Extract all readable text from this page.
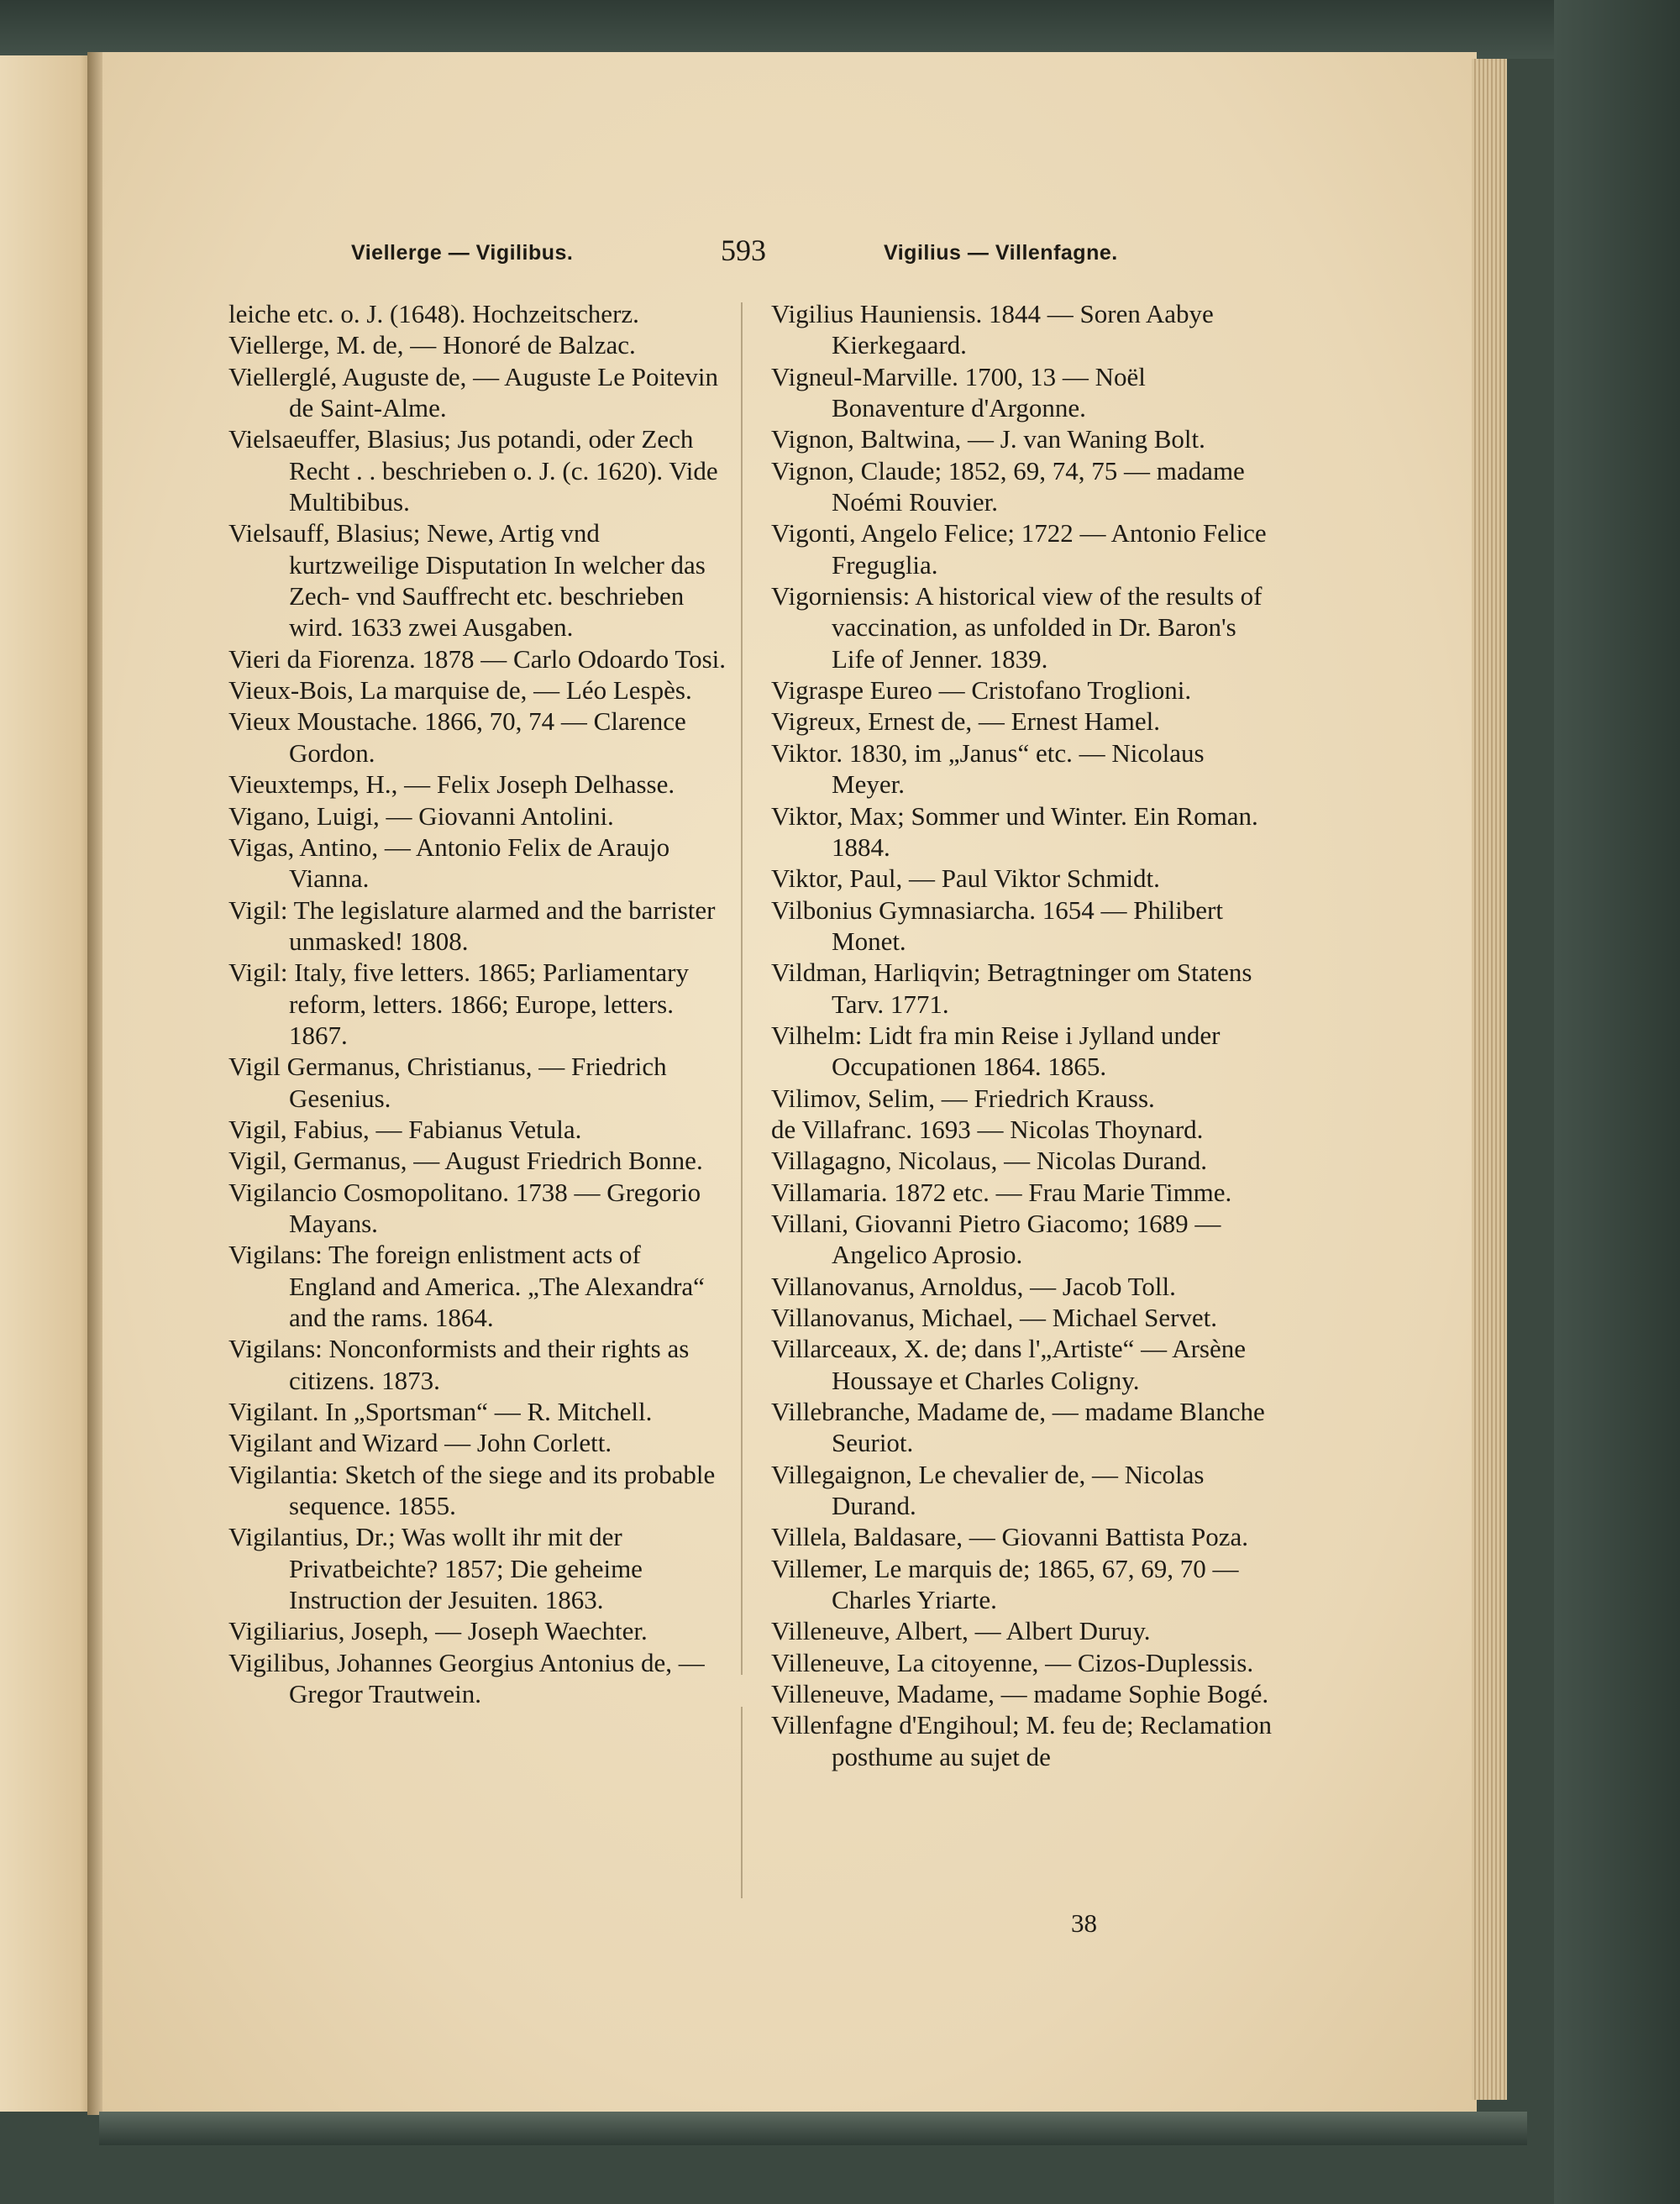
Viellerge — Vigilibus.	593	Vigilius — Villenfagne.

leiche etc. o. J. (1648). Hochzeitscherz.

Viellerge, M. de, — Honoré de Balzac.

Viellerglé, Auguste de, — Auguste Le Poitevin de Saint-Alme.

Vielsaeuffer, Blasius; Jus potandi, oder Zech Recht . . beschrieben o. J. (c. 1620). Vide Multibibus.

Vielsauff, Blasius; Newe, Artig vnd kurtzweilige Disputation In welcher das Zech- vnd Sauffrecht etc. beschrieben wird. 1633 zwei Ausgaben.

Vieri da Fiorenza. 1878 — Carlo Odoardo Tosi.

Vieux-Bois, La marquise de, — Léo Lespès.

Vieux Moustache. 1866, 70, 74 — Clarence Gordon.

Vieuxtemps, H., — Felix Joseph Delhasse.

Vigano, Luigi, — Giovanni Antolini.

Vigas, Antino, — Antonio Felix de Araujo Vianna.

Vigil: The legislature alarmed and the barrister unmasked! 1808.

Vigil: Italy, five letters. 1865; Parliamentary reform, letters. 1866; Europe, letters. 1867.

Vigil Germanus, Christianus, — Friedrich Gesenius.

Vigil, Fabius, — Fabianus Vetula.

Vigil, Germanus, — August Friedrich Bonne.

Vigilancio Cosmopolitano. 1738 — Gregorio Mayans.

Vigilans: The foreign enlistment acts of England and America. „The Alexandra“ and the rams. 1864.

Vigilans: Nonconformists and their rights as citizens. 1873.

Vigilant. In „Sportsman“ — R. Mitchell.

Vigilant and Wizard — John Corlett.

Vigilantia: Sketch of the siege and its probable sequence. 1855.

Vigilantius, Dr.; Was wollt ihr mit der Privatbeichte? 1857; Die geheime Instruction der Jesuiten. 1863.

Vigiliarius, Joseph, — Joseph Waechter.

Vigilibus, Johannes Georgius Antonius de, — Gregor Trautwein.

Vigilius Hauniensis. 1844 — Soren Aabye Kierkegaard.

Vigneul-Marville. 1700, 13 — Noël Bonaventure d'Argonne.

Vignon, Baltwina, — J. van Waning Bolt.

Vignon, Claude; 1852, 69, 74, 75 — madame Noémi Rouvier.

Vigonti, Angelo Felice; 1722 — Antonio Felice Freguglia.

Vigorniensis: A historical view of the results of vaccination, as unfolded in Dr. Baron's Life of Jenner. 1839.

Vigraspe Eureo — Cristofano Troglioni.

Vigreux, Ernest de, — Ernest Hamel.

Viktor. 1830, im „Janus“ etc. — Nicolaus Meyer.

Viktor, Max; Sommer und Winter. Ein Roman. 1884.

Viktor, Paul, — Paul Viktor Schmidt.

Vilbonius Gymnasiarcha. 1654 — Philibert Monet.

Vildman, Harliqvin; Betragtninger om Statens Tarv. 1771.

Vilhelm: Lidt fra min Reise i Jylland under Occupationen 1864. 1865.

Vilimov, Selim, — Friedrich Krauss.

de Villafranc. 1693 — Nicolas Thoynard.

Villagagno, Nicolaus, — Nicolas Durand.

Villamaria. 1872 etc. — Frau Marie Timme.

Villani, Giovanni Pietro Giacomo; 1689 — Angelico Aprosio.

Villanovanus, Arnoldus, — Jacob Toll.

Villanovanus, Michael, — Michael Servet.

Villarceaux, X. de; dans l'„Artiste“ — Arsène Houssaye et Charles Coligny.

Villebranche, Madame de, — madame Blanche Seuriot.

Villegaignon, Le chevalier de, — Nicolas Durand.

Villela, Baldasare, — Giovanni Battista Poza.

Villemer, Le marquis de; 1865, 67, 69, 70 — Charles Yriarte.

Villeneuve, Albert, — Albert Duruy.

Villeneuve, La citoyenne, — Cizos-Duplessis.

Villeneuve, Madame, — madame Sophie Bogé.

Villenfagne d'Engihoul; M. feu de; Reclamation posthume au sujet de

38
